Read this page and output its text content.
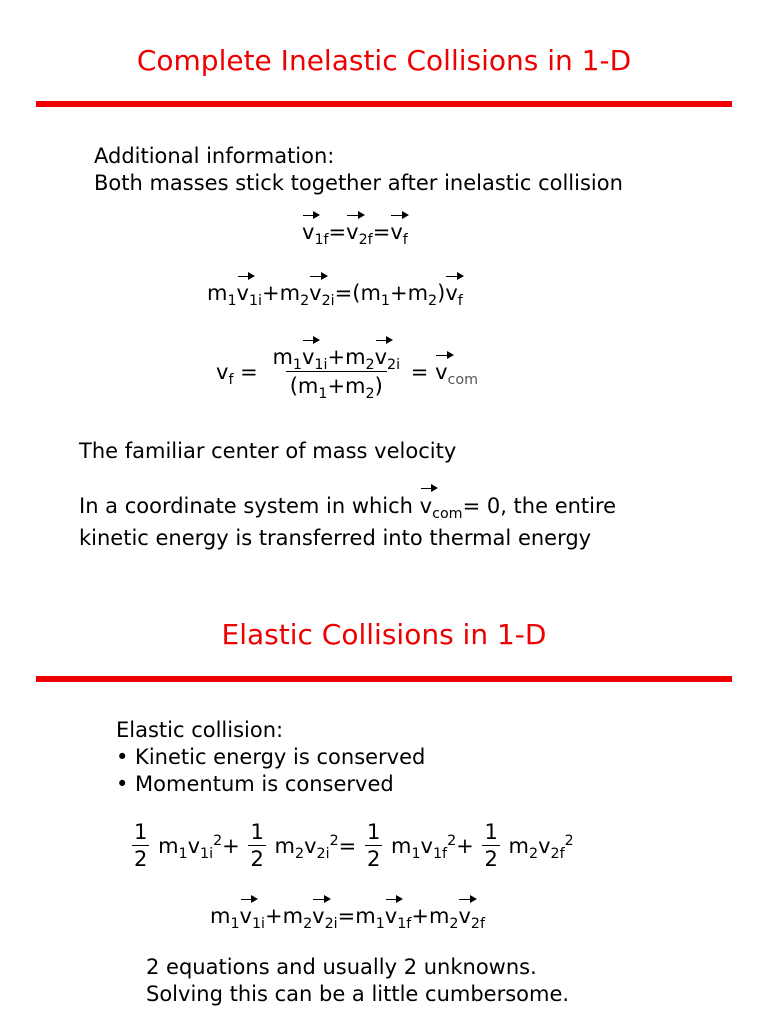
Complete Inelastic Collisions in 1-D
Additional information:
Both masses stick together after inelastic collision
$v_{1f}=v_{2f}=v_f$
$m_1v_{1i}+m_2v_{2i}=(m_1+m_2)v_f$
$v_f = \frac{m_1v_{1i}+m_2v_{2i}}{(m_1+m_2)} = v_{com}$
The familiar center of mass velocity
In a coordinate system in which $v_{com}= 0$, the entire
kinetic energy is transferred into thermal energy
Elastic Collisions in 1-D
Elastic collision:
• Kinetic energy is conserved
• Momentum is conserved
$\frac{1}{2} m_1v_{1i}^2+ \frac{1}{2} m_2v_{2i}^2= \frac{1}{2} m_1v_{1f}^2+ \frac{1}{2} m_2v_{2f}^2$
$m_1v_{1i}+m_2v_{2i}=m_1v_{1f}+m_2v_{2f}$
2 equations and usually 2 unknowns.
Solving this can be a little cumbersome.
